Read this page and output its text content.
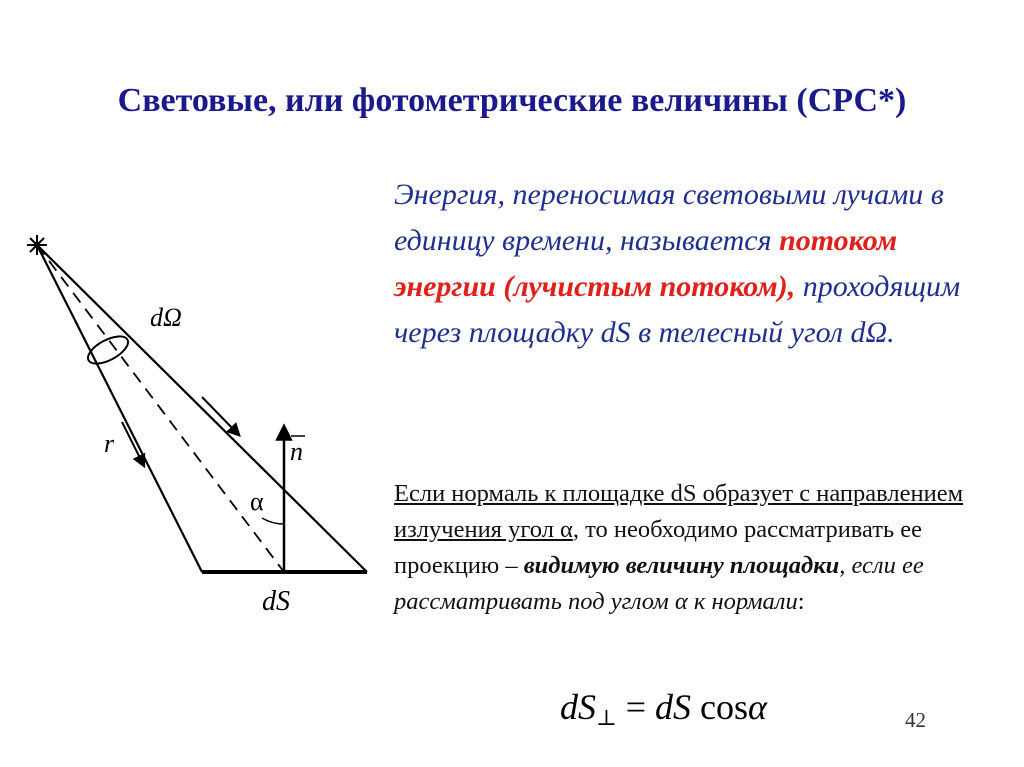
Световые, или фотометрические величины (СРС*)
dΩ
r	n
α
dS
Энергия, переносимая световыми лучами в единицу времени, называется потоком энергии (лучистым потоком), проходящим через площадку dS в телесный угол dΩ.
Если нормаль к площадке dS образует с направлением излучения угол α, то необходимо рассматривать ее проекцию – видимую величину площадки, если ее рассматривать под углом α к нормали:
dS⊥ = dS cosα	42
